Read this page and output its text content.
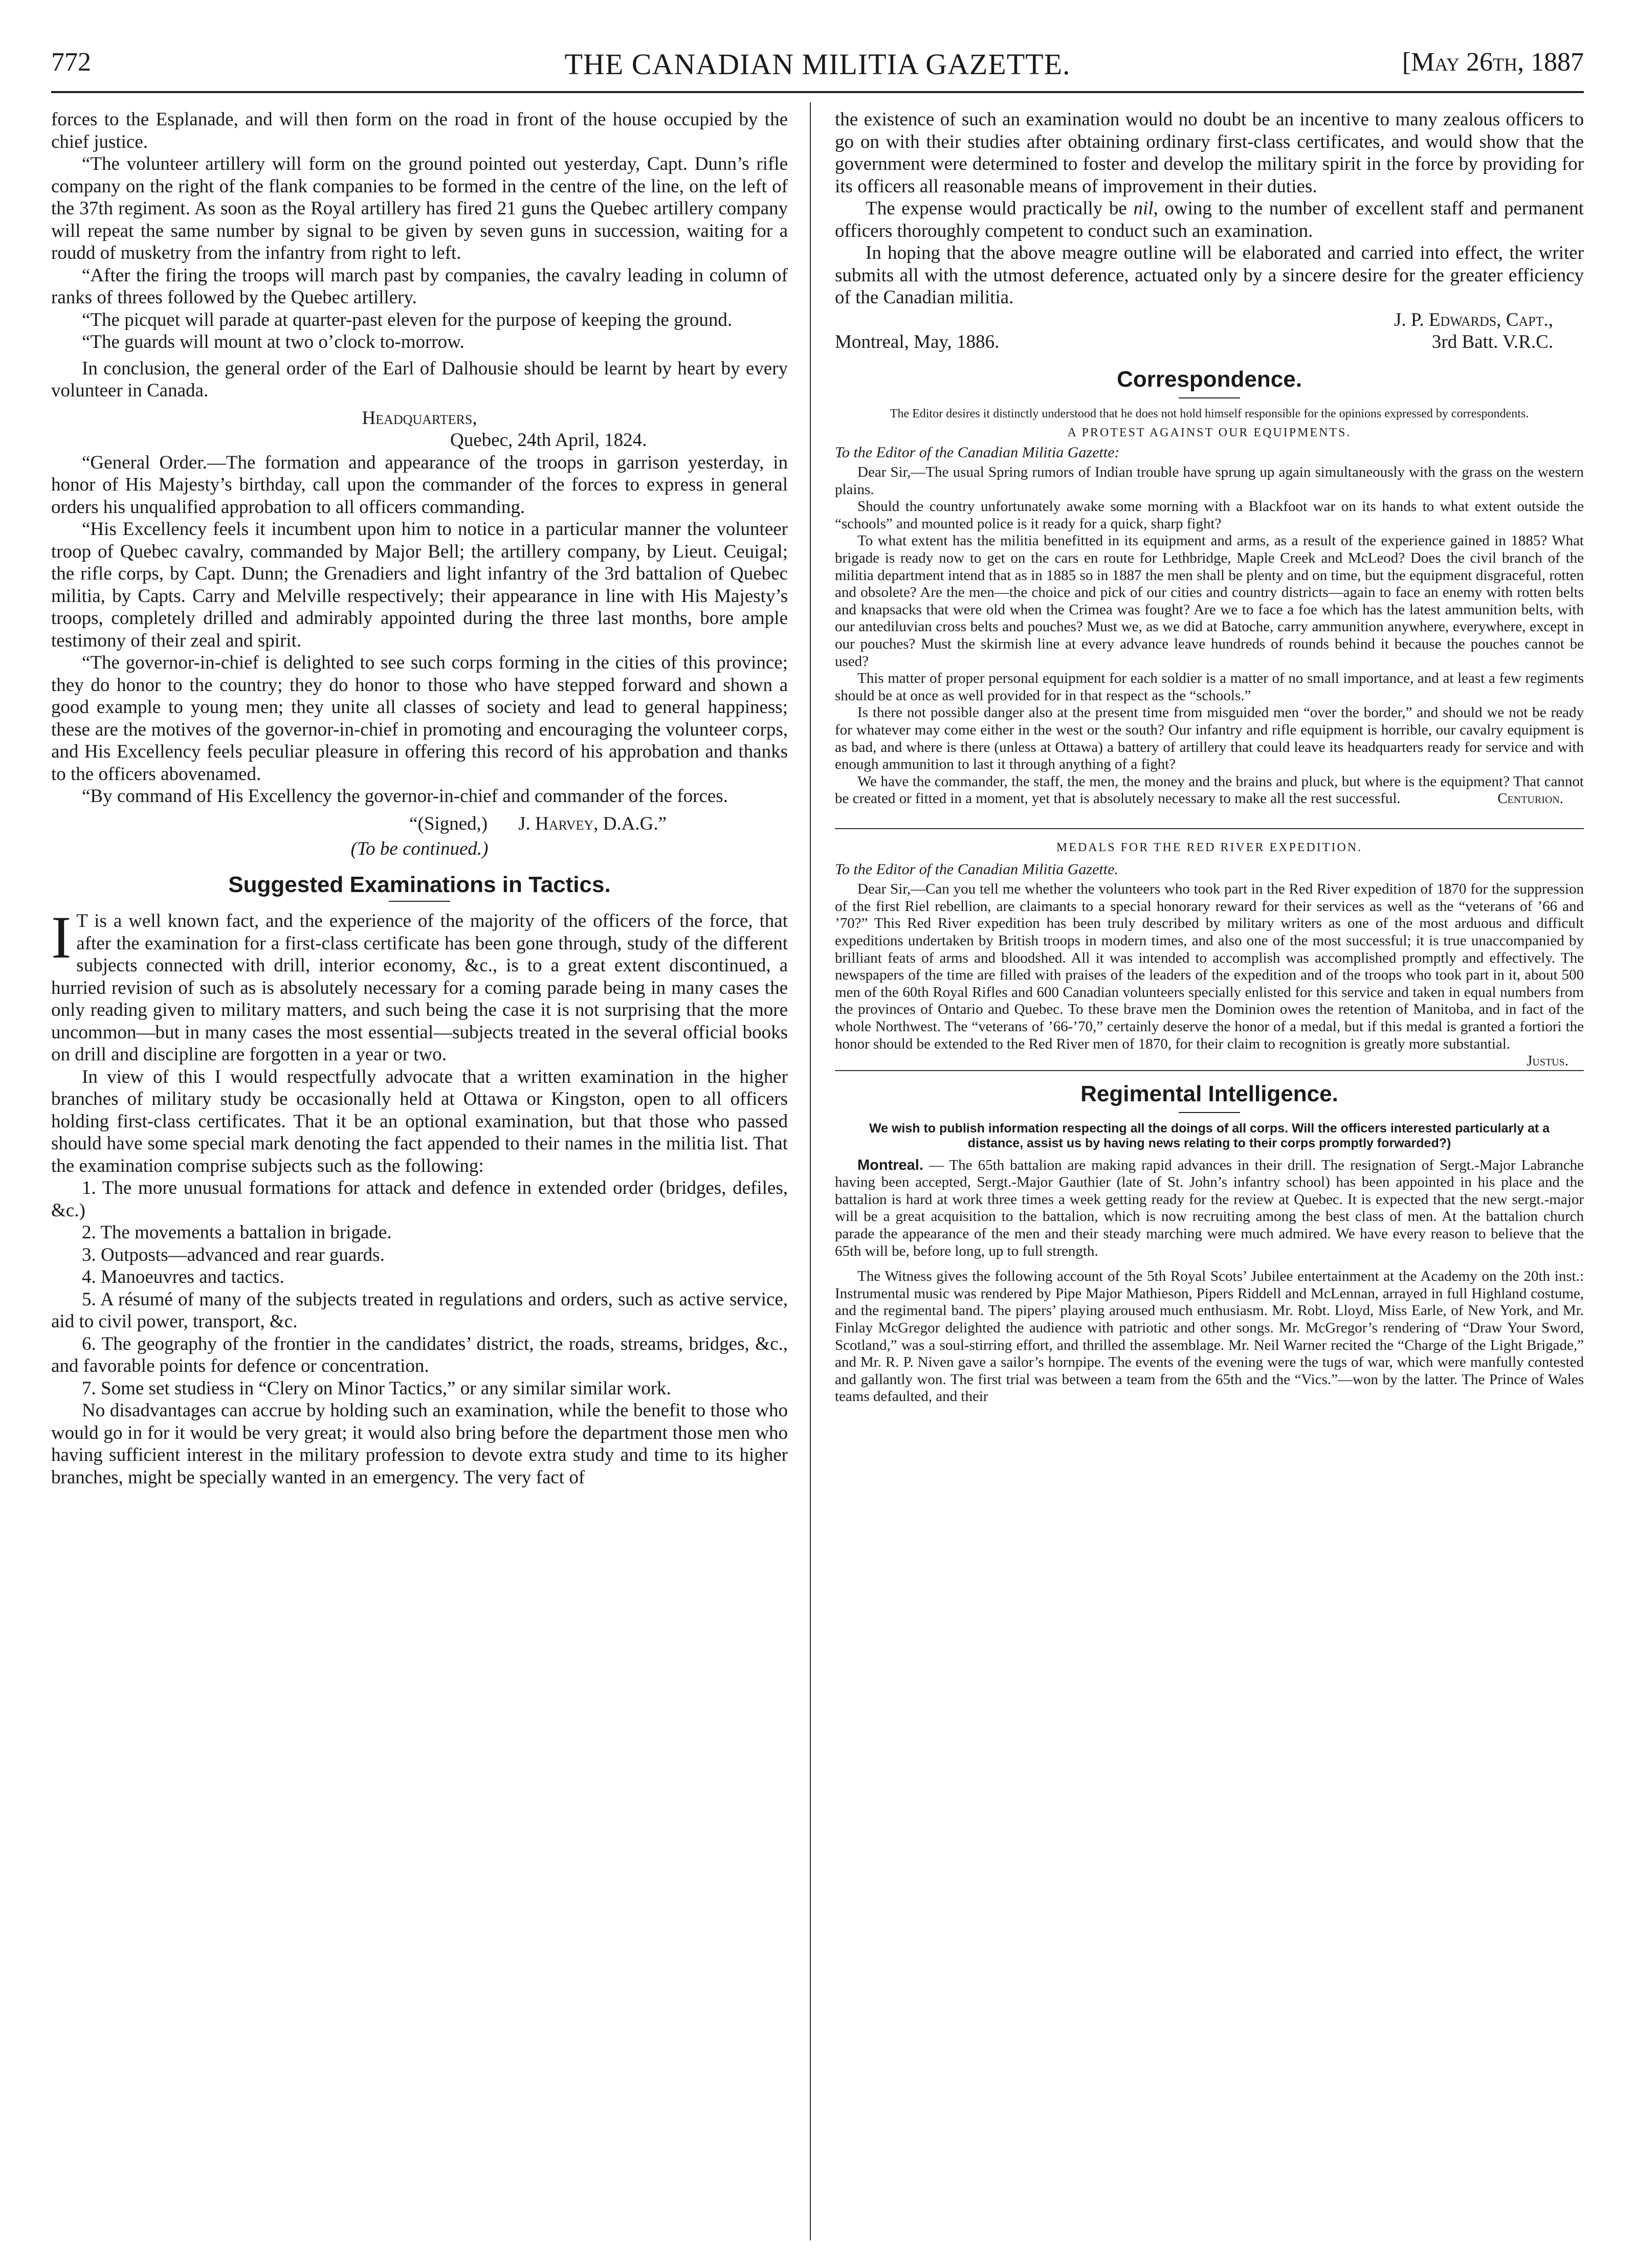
772	THE CANADIAN MILITIA GAZETTE.	[May 26th, 1887

forces to the Esplanade, and will then form on the road in front of the house occupied by the chief justice.

“The volunteer artillery will form on the ground pointed out yesterday, Capt. Dunn’s rifle company on the right of the flank companies to be formed in the centre of the line, on the left of the 37th regiment. As soon as the Royal artillery has fired 21 guns the Quebec artillery company will repeat the same number by signal to be given by seven guns in succession, waiting for a roudd of musketry from the infantry from right to left.

“After the firing the troops will march past by companies, the cavalry leading in column of ranks of threes followed by the Quebec artillery.

“The picquet will parade at quarter-past eleven for the purpose of keeping the ground.

“The guards will mount at two o’clock to-morrow.

In conclusion, the general order of the Earl of Dalhousie should be learnt by heart by every volunteer in Canada.

Headquarters,

Quebec, 24th April, 1824.

“General Order.—The formation and appearance of the troops in garrison yesterday, in honor of His Majesty’s birthday, call upon the commander of the forces to express in general orders his unqualified approbation to all officers commanding.

“His Excellency feels it incumbent upon him to notice in a particular manner the volunteer troop of Quebec cavalry, commanded by Major Bell; the artillery company, by Lieut. Ceuigal; the rifle corps, by Capt. Dunn; the Grenadiers and light infantry of the 3rd battalion of Quebec militia, by Capts. Carry and Melville respectively; their appearance in line with His Majesty’s troops, completely drilled and admirably appointed during the three last months, bore ample testimony of their zeal and spirit.

“The governor-in-chief is delighted to see such corps forming in the cities of this province; they do honor to the country; they do honor to those who have stepped forward and shown a good example to young men; they unite all classes of society and lead to general happiness; these are the motives of the governor-in-chief in promoting and encouraging the volunteer corps, and His Excellency feels peculiar pleasure in offering this record of his approbation and thanks to the officers abovenamed.

“By command of His Excellency the governor-in-chief and commander of the forces.

“(Signed,) J. Harvey, D.A.G.”

(To be continued.)

Suggested Examinations in Tactics.

I T is a well known fact, and the experience of the majority of the officers of the force, that after the examination for a first-class certificate has been gone through, study of the different subjects connected with drill, interior economy, &c., is to a great extent discontinued, a hurried revision of such as is absolutely necessary for a coming parade being in many cases the only reading given to military matters, and such being the case it is not surprising that the more uncommon—but in many cases the most essential—subjects treated in the several official books on drill and discipline are forgotten in a year or two.

In view of this I would respectfully advocate that a written examination in the higher branches of military study be occasionally held at Ottawa or Kingston, open to all officers holding first-class certificates. That it be an optional examination, but that those who passed should have some special mark denoting the fact appended to their names in the militia list. That the examination comprise subjects such as the following:

1. The more unusual formations for attack and defence in extended order (bridges, defiles, &c.)

2. The movements a battalion in brigade.

3. Outposts—advanced and rear guards.

4. Manoeuvres and tactics.

5. A résumé of many of the subjects treated in regulations and orders, such as active service, aid to civil power, transport, &c.

6. The geography of the frontier in the candidates’ district, the roads, streams, bridges, &c., and favorable points for defence or concentration.

7. Some set studiess in “Clery on Minor Tactics,” or any similar similar work.

No disadvantages can accrue by holding such an examination, while the benefit to those who would go in for it would be very great; it would also bring before the department those men who having sufficient interest in the military profession to devote extra study and time to its higher branches, might be specially wanted in an emergency. The very fact of

the existence of such an examination would no doubt be an incentive to many zealous officers to go on with their studies after obtaining ordinary first-class certificates, and would show that the government were determined to foster and develop the military spirit in the force by providing for its officers all reasonable means of improvement in their duties.

The expense would practically be nil, owing to the number of excellent staff and permanent officers thoroughly competent to conduct such an examination.

In hoping that the above meagre outline will be elaborated and carried into effect, the writer submits all with the utmost deference, actuated only by a sincere desire for the greater efficiency of the Canadian militia.

J. P. Edwards, Capt.,

Montreal, May, 1886.	3rd Batt. V.R.C.
Correspondence.
The Editor desires it distinctly understood that he does not hold himself responsible for the opinions expressed by correspondents.
A PROTEST AGAINST OUR EQUIPMENTS.
To the Editor of the Canadian Militia Gazette:

Dear Sir,—The usual Spring rumors of Indian trouble have sprung up again simultaneously with the grass on the western plains.

Should the country unfortunately awake some morning with a Blackfoot war on its hands to what extent outside the “schools” and mounted police is it ready for a quick, sharp fight?

To what extent has the militia benefitted in its equipment and arms, as a result of the experience gained in 1885? What brigade is ready now to get on the cars en route for Lethbridge, Maple Creek and McLeod? Does the civil branch of the militia department intend that as in 1885 so in 1887 the men shall be plenty and on time, but the equipment disgraceful, rotten and obsolete? Are the men—the choice and pick of our cities and country districts—again to face an enemy with rotten belts and knapsacks that were old when the Crimea was fought? Are we to face a foe which has the latest ammunition belts, with our antediluvian cross belts and pouches? Must we, as we did at Batoche, carry ammunition anywhere, everywhere, except in our pouches? Must the skirmish line at every advance leave hundreds of rounds behind it because the pouches cannot be used?

This matter of proper personal equipment for each soldier is a matter of no small importance, and at least a few regiments should be at once as well provided for in that respect as the “schools.”

Is there not possible danger also at the present time from misguided men “over the border,” and should we not be ready for whatever may come either in the west or the south? Our infantry and rifle equipment is horrible, our cavalry equipment is as bad, and where is there (unless at Ottawa) a battery of artillery that could leave its headquarters ready for service and with enough ammunition to last it through anything of a fight?

We have the commander, the staff, the men, the money and the brains and pluck, but where is the equipment? That cannot be created or fitted in a moment, yet that is absolutely necessary to make all the rest successful.	Centurion.

MEDALS FOR THE RED RIVER EXPEDITION.
To the Editor of the Canadian Militia Gazette.

Dear Sir,—Can you tell me whether the volunteers who took part in the Red River expedition of 1870 for the suppression of the first Riel rebellion, are claimants to a special honorary reward for their services as well as the “veterans of ’66 and ’70?” This Red River expedition has been truly described by military writers as one of the most arduous and difficult expeditions undertaken by British troops in modern times, and also one of the most successful; it is true unaccompanied by brilliant feats of arms and bloodshed. All it was intended to accomplish was accomplished promptly and effectively. The newspapers of the time are filled with praises of the leaders of the expedition and of the troops who took part in it, about 500 men of the 60th Royal Rifles and 600 Canadian volunteers specially enlisted for this service and taken in equal numbers from the provinces of Ontario and Quebec. To these brave men the Dominion owes the retention of Manitoba, and in fact of the whole Northwest. The “veterans of ’66-’70,” certainly deserve the honor of a medal, but if this medal is granted a fortiori the honor should be extended to the Red River men of 1870, for their claim to recognition is greatly more substantial.
Justus.

Regimental Intelligence.
We wish to publish information respecting all the doings of all corps. Will the officers interested particularly at a distance, assist us by having news relating to their corps promptly forwarded?)

Montreal. — The 65th battalion are making rapid advances in their drill. The resignation of Sergt.-Major Labranche having been accepted, Sergt.-Major Gauthier (late of St. John’s infantry school) has been appointed in his place and the battalion is hard at work three times a week getting ready for the review at Quebec. It is expected that the new sergt.-major will be a great acquisition to the battalion, which is now recruiting among the best class of men. At the battalion church parade the appearance of the men and their steady marching were much admired. We have every reason to believe that the 65th will be, before long, up to full strength.

The Witness gives the following account of the 5th Royal Scots’ Jubilee entertainment at the Academy on the 20th inst.: Instrumental music was rendered by Pipe Major Mathieson, Pipers Riddell and McLennan, arrayed in full Highland costume, and the regimental band. The pipers’ playing aroused much enthusiasm. Mr. Robt. Lloyd, Miss Earle, of New York, and Mr. Finlay McGregor delighted the audience with patriotic and other songs. Mr. McGregor’s rendering of “Draw Your Sword, Scotland,” was a soul-stirring effort, and thrilled the assemblage. Mr. Neil Warner recited the “Charge of the Light Brigade,” and Mr. R. P. Niven gave a sailor’s hornpipe. The events of the evening were the tugs of war, which were manfully contested and gallantly won. The first trial was between a team from the 65th and the “Vics.”—won by the latter. The Prince of Wales teams defaulted, and their
